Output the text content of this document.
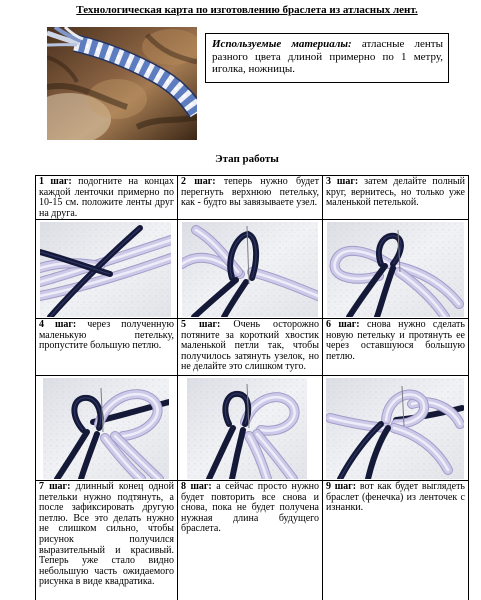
Технологическая карта по изготовлению браслета из атласных лент.
Используемые материалы: атласные ленты разного цвета длиной примерно по 1 метру, иголка, ножницы.
Этап работы
1 шаг: подогните на концах каждой ленточки примерно по 10-15 см. положите ленты друг на друга.
2 шаг: теперь нужно будет перегнуть верхнюю петельку, как - будто вы завязываете узел.
3 шаг: затем делайте полный круг, вернитесь, но только уже маленькой петелькой.
4 шаг: через полученную маленькую петельку, пропустите большую петлю.
5 шаг: Очень осторожно потяните за короткий хвостик маленькой петли так, чтобы получилось затянуть узелок, но не делайте это слишком туго.
6 шаг: снова нужно сделать новую петельку и протянуть ее через оставшуюся большую петлю.
7 шаг: длинный конец одной петельки нужно подтянуть, а после зафиксировать другую петлю. Все это делать нужно не слишком сильно, чтобы рисунок получился выразительный и красивый. Теперь уже стало видно небольшую часть ожидаемого рисунка в виде квадратика.
8 шаг: а сейчас просто нужно будет повторить все снова и снова, пока не будет получена нужная длина будущего браслета.
9 шаг: вот как будет выглядеть браслет (фенечка) из ленточек с изнанки.
